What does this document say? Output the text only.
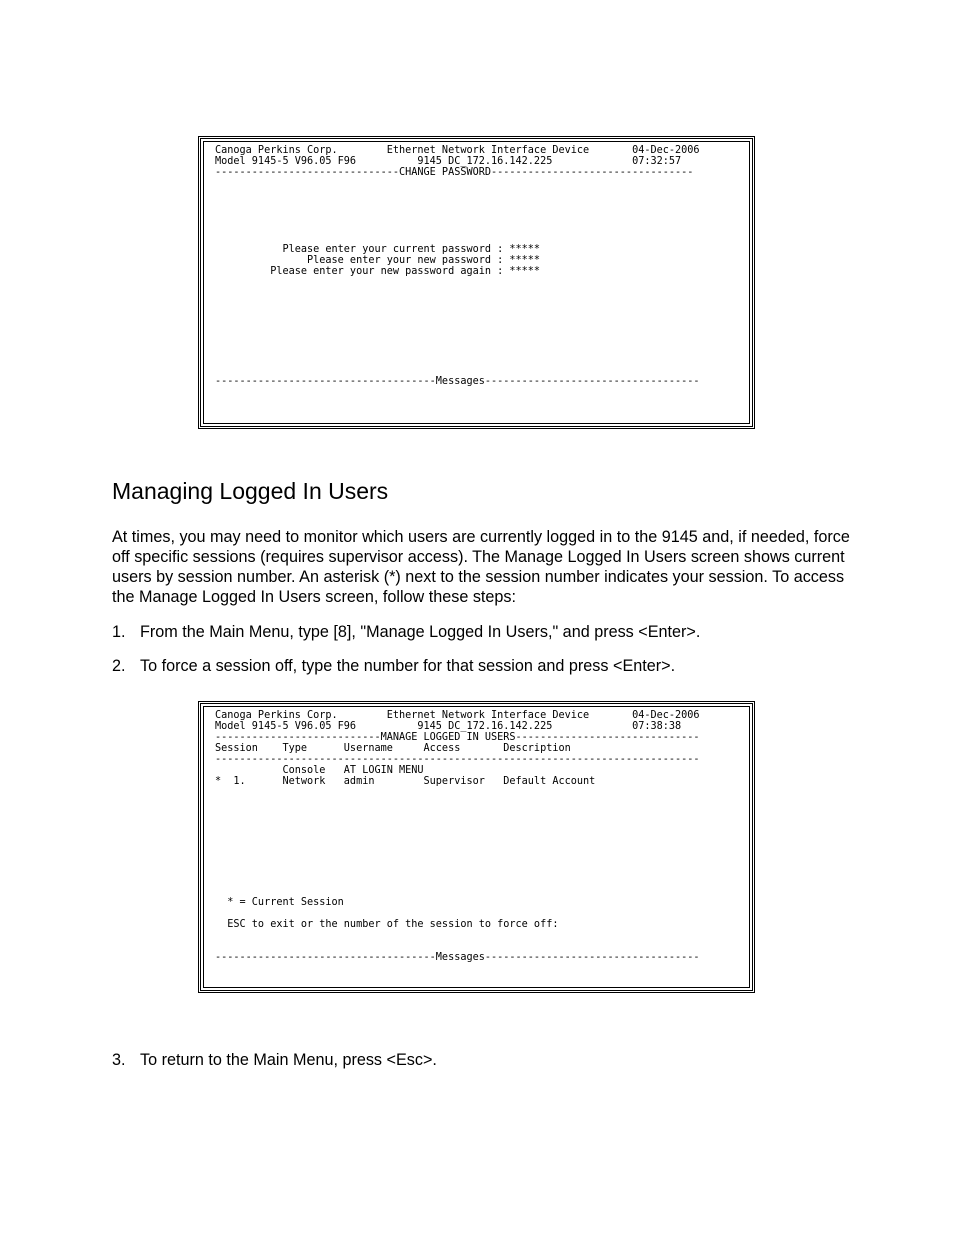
Canoga Perkins Corp.        Ethernet Network Interface Device       04-Dec-2006
Model 9145-5 V96.05 F96          9145 DC_172.16.142.225             07:32:57
------------------------------CHANGE PASSWORD---------------------------------

Please enter your current password : *****
Please enter your new password : *****
Please enter your new password again : *****

------------------------------------Messages-----------------------------------
Managing Logged In Users

At times, you may need to monitor which users are currently logged in to the 9145 and, if needed, force off specific sessions (requires supervisor access). The Manage Logged In Users screen shows current users by session number. An asterisk (*) next to the session number indicates your session. To access the Manage Logged In Users screen, follow these steps:

1. From the Main Menu, type [8], "Manage Logged In Users," and press <Enter>.
2. To force a session off, type the number for that session and press <Enter>.
Canoga Perkins Corp.        Ethernet Network Interface Device       04-Dec-2006
Model 9145-5 V96.05 F96          9145 DC_172.16.142.225             07:38:38
---------------------------MANAGE LOGGED IN USERS------------------------------
Session    Type      Username     Access       Description
-------------------------------------------------------------------------------
Console   AT LOGIN MENU
*  1.      Network   admin        Supervisor   Default Account

* = Current Session

ESC to exit or the number of the session to force off:

------------------------------------Messages-----------------------------------
3. To return to the Main Menu, press <Esc>.
